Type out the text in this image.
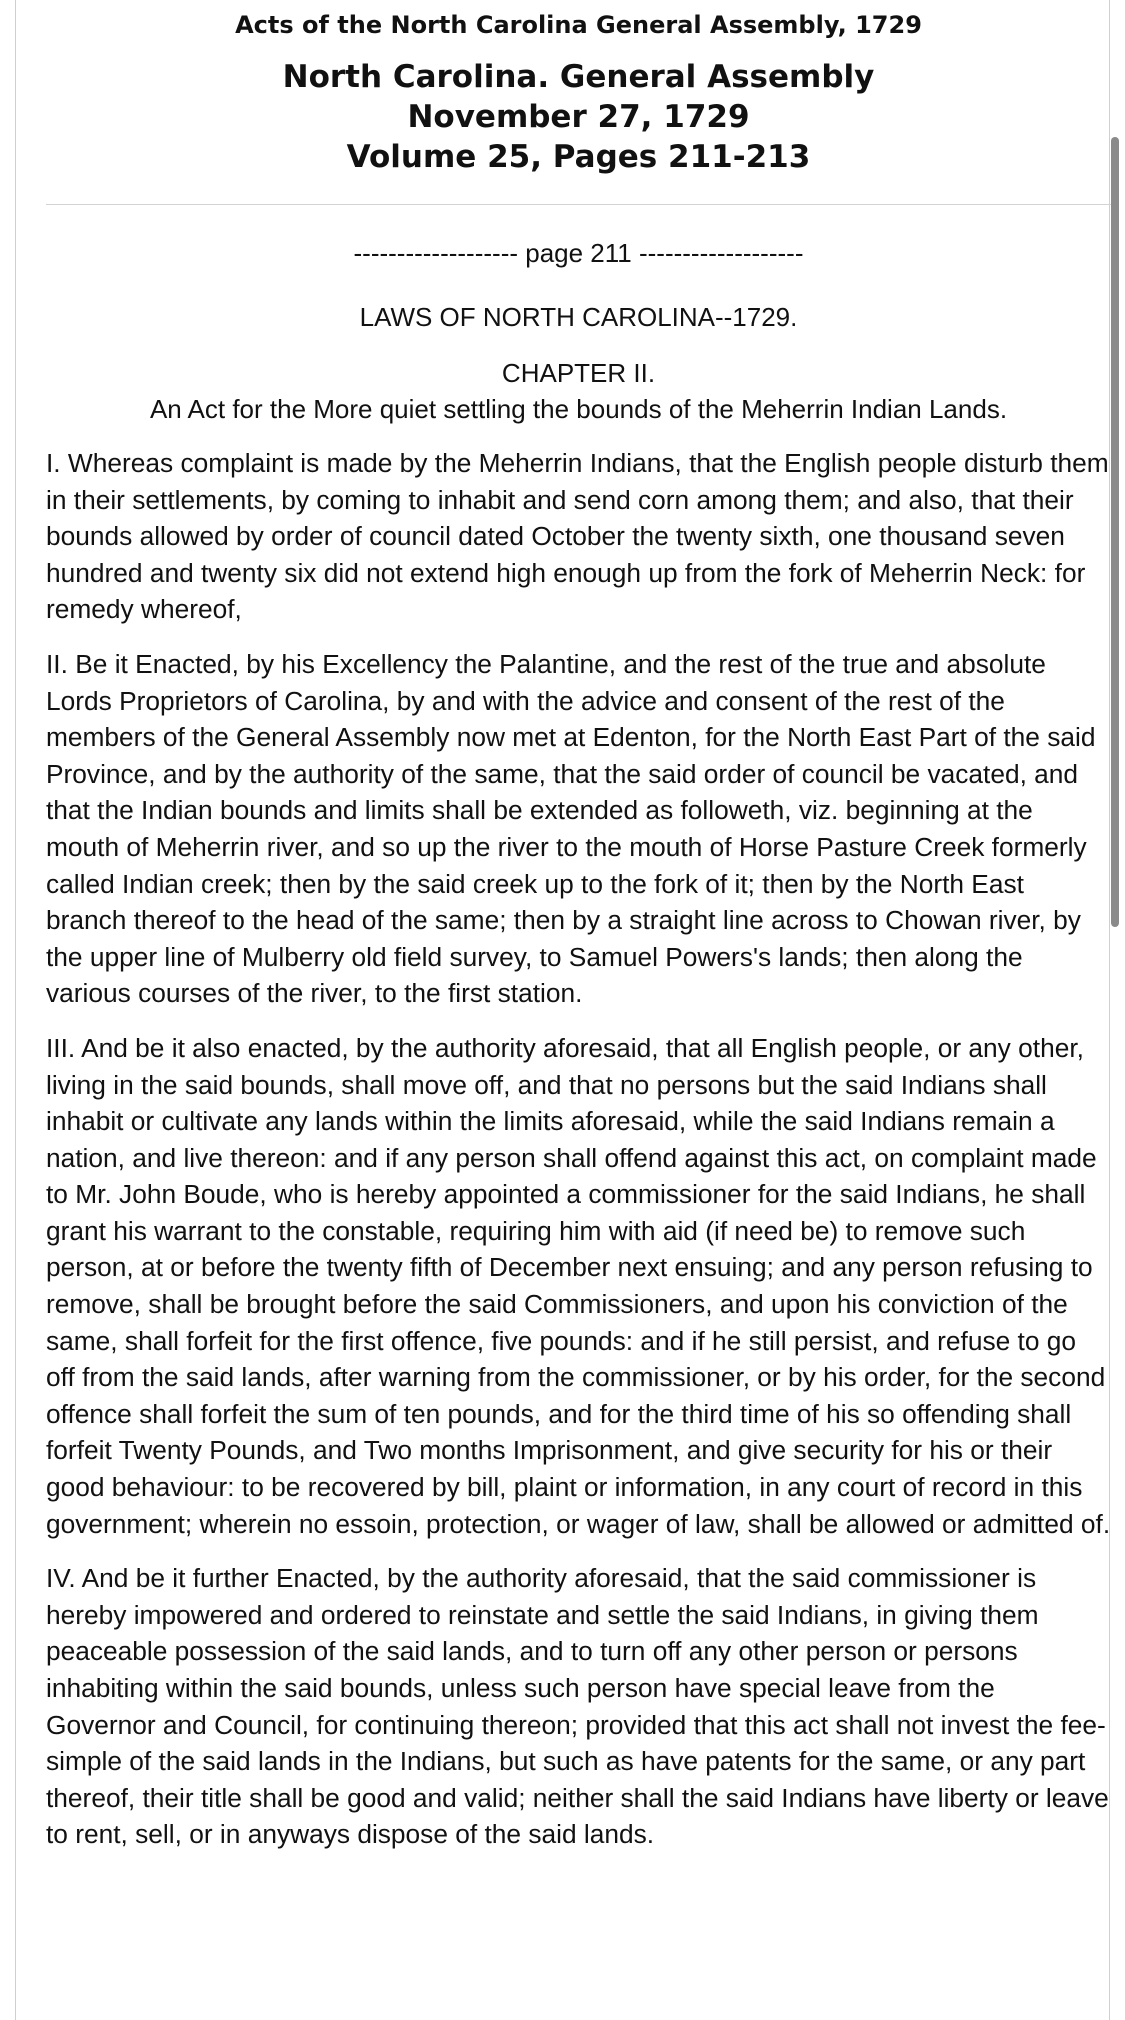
Acts of the North Carolina General Assembly, 1729
North Carolina. General Assembly
November 27, 1729
Volume 25, Pages 211-213
------------------- page 211 -------------------
LAWS OF NORTH CAROLINA--1729.
CHAPTER II.
An Act for the More quiet settling the bounds of the Meherrin Indian Lands.

I. Whereas complaint is made by the Meherrin Indians, that the English people disturb them in their settlements, by coming to inhabit and send corn among them; and also, that their bounds allowed by order of council dated October the twenty sixth, one thousand seven hundred and twenty six did not extend high enough up from the fork of Meherrin Neck: for remedy whereof,

II. Be it Enacted, by his Excellency the Palantine, and the rest of the true and absolute Lords Proprietors of Carolina, by and with the advice and consent of the rest of the members of the General Assembly now met at Edenton, for the North East Part of the said Province, and by the authority of the same, that the said order of council be vacated, and that the Indian bounds and limits shall be extended as followeth, viz. beginning at the mouth of Meherrin river, and so up the river to the mouth of Horse Pasture Creek formerly called Indian creek; then by the said creek up to the fork of it; then by the North East branch thereof to the head of the same; then by a straight line across to Chowan river, by the upper line of Mulberry old field survey, to Samuel Powers's lands; then along the various courses of the river, to the first station.

III. And be it also enacted, by the authority aforesaid, that all English people, or any other, living in the said bounds, shall move off, and that no persons but the said Indians shall inhabit or cultivate any lands within the limits aforesaid, while the said Indians remain a nation, and live thereon: and if any person shall offend against this act, on complaint made to Mr. John Boude, who is hereby appointed a commissioner for the said Indians, he shall grant his warrant to the constable, requiring him with aid (if need be) to remove such person, at or before the twenty fifth of December next ensuing; and any person refusing to remove, shall be brought before the said Commissioners, and upon his conviction of the same, shall forfeit for the first offence, five pounds: and if he still persist, and refuse to go off from the said lands, after warning from the commissioner, or by his order, for the second offence shall forfeit the sum of ten pounds, and for the third time of his so offending shall forfeit Twenty Pounds, and Two months Imprisonment, and give security for his or their good behaviour: to be recovered by bill, plaint or information, in any court of record in this government; wherein no essoin, protection, or wager of law, shall be allowed or admitted of.

IV. And be it further Enacted, by the authority aforesaid, that the said commissioner is hereby impowered and ordered to reinstate and settle the said Indians, in giving them peaceable possession of the said lands, and to turn off any other person or persons inhabiting within the said bounds, unless such person have special leave from the Governor and Council, for continuing thereon; provided that this act shall not invest the fee-simple of the said lands in the Indians, but such as have patents for the same, or any part thereof, their title shall be good and valid; neither shall the said Indians have liberty or leave to rent, sell, or in anyways dispose of the said lands.
